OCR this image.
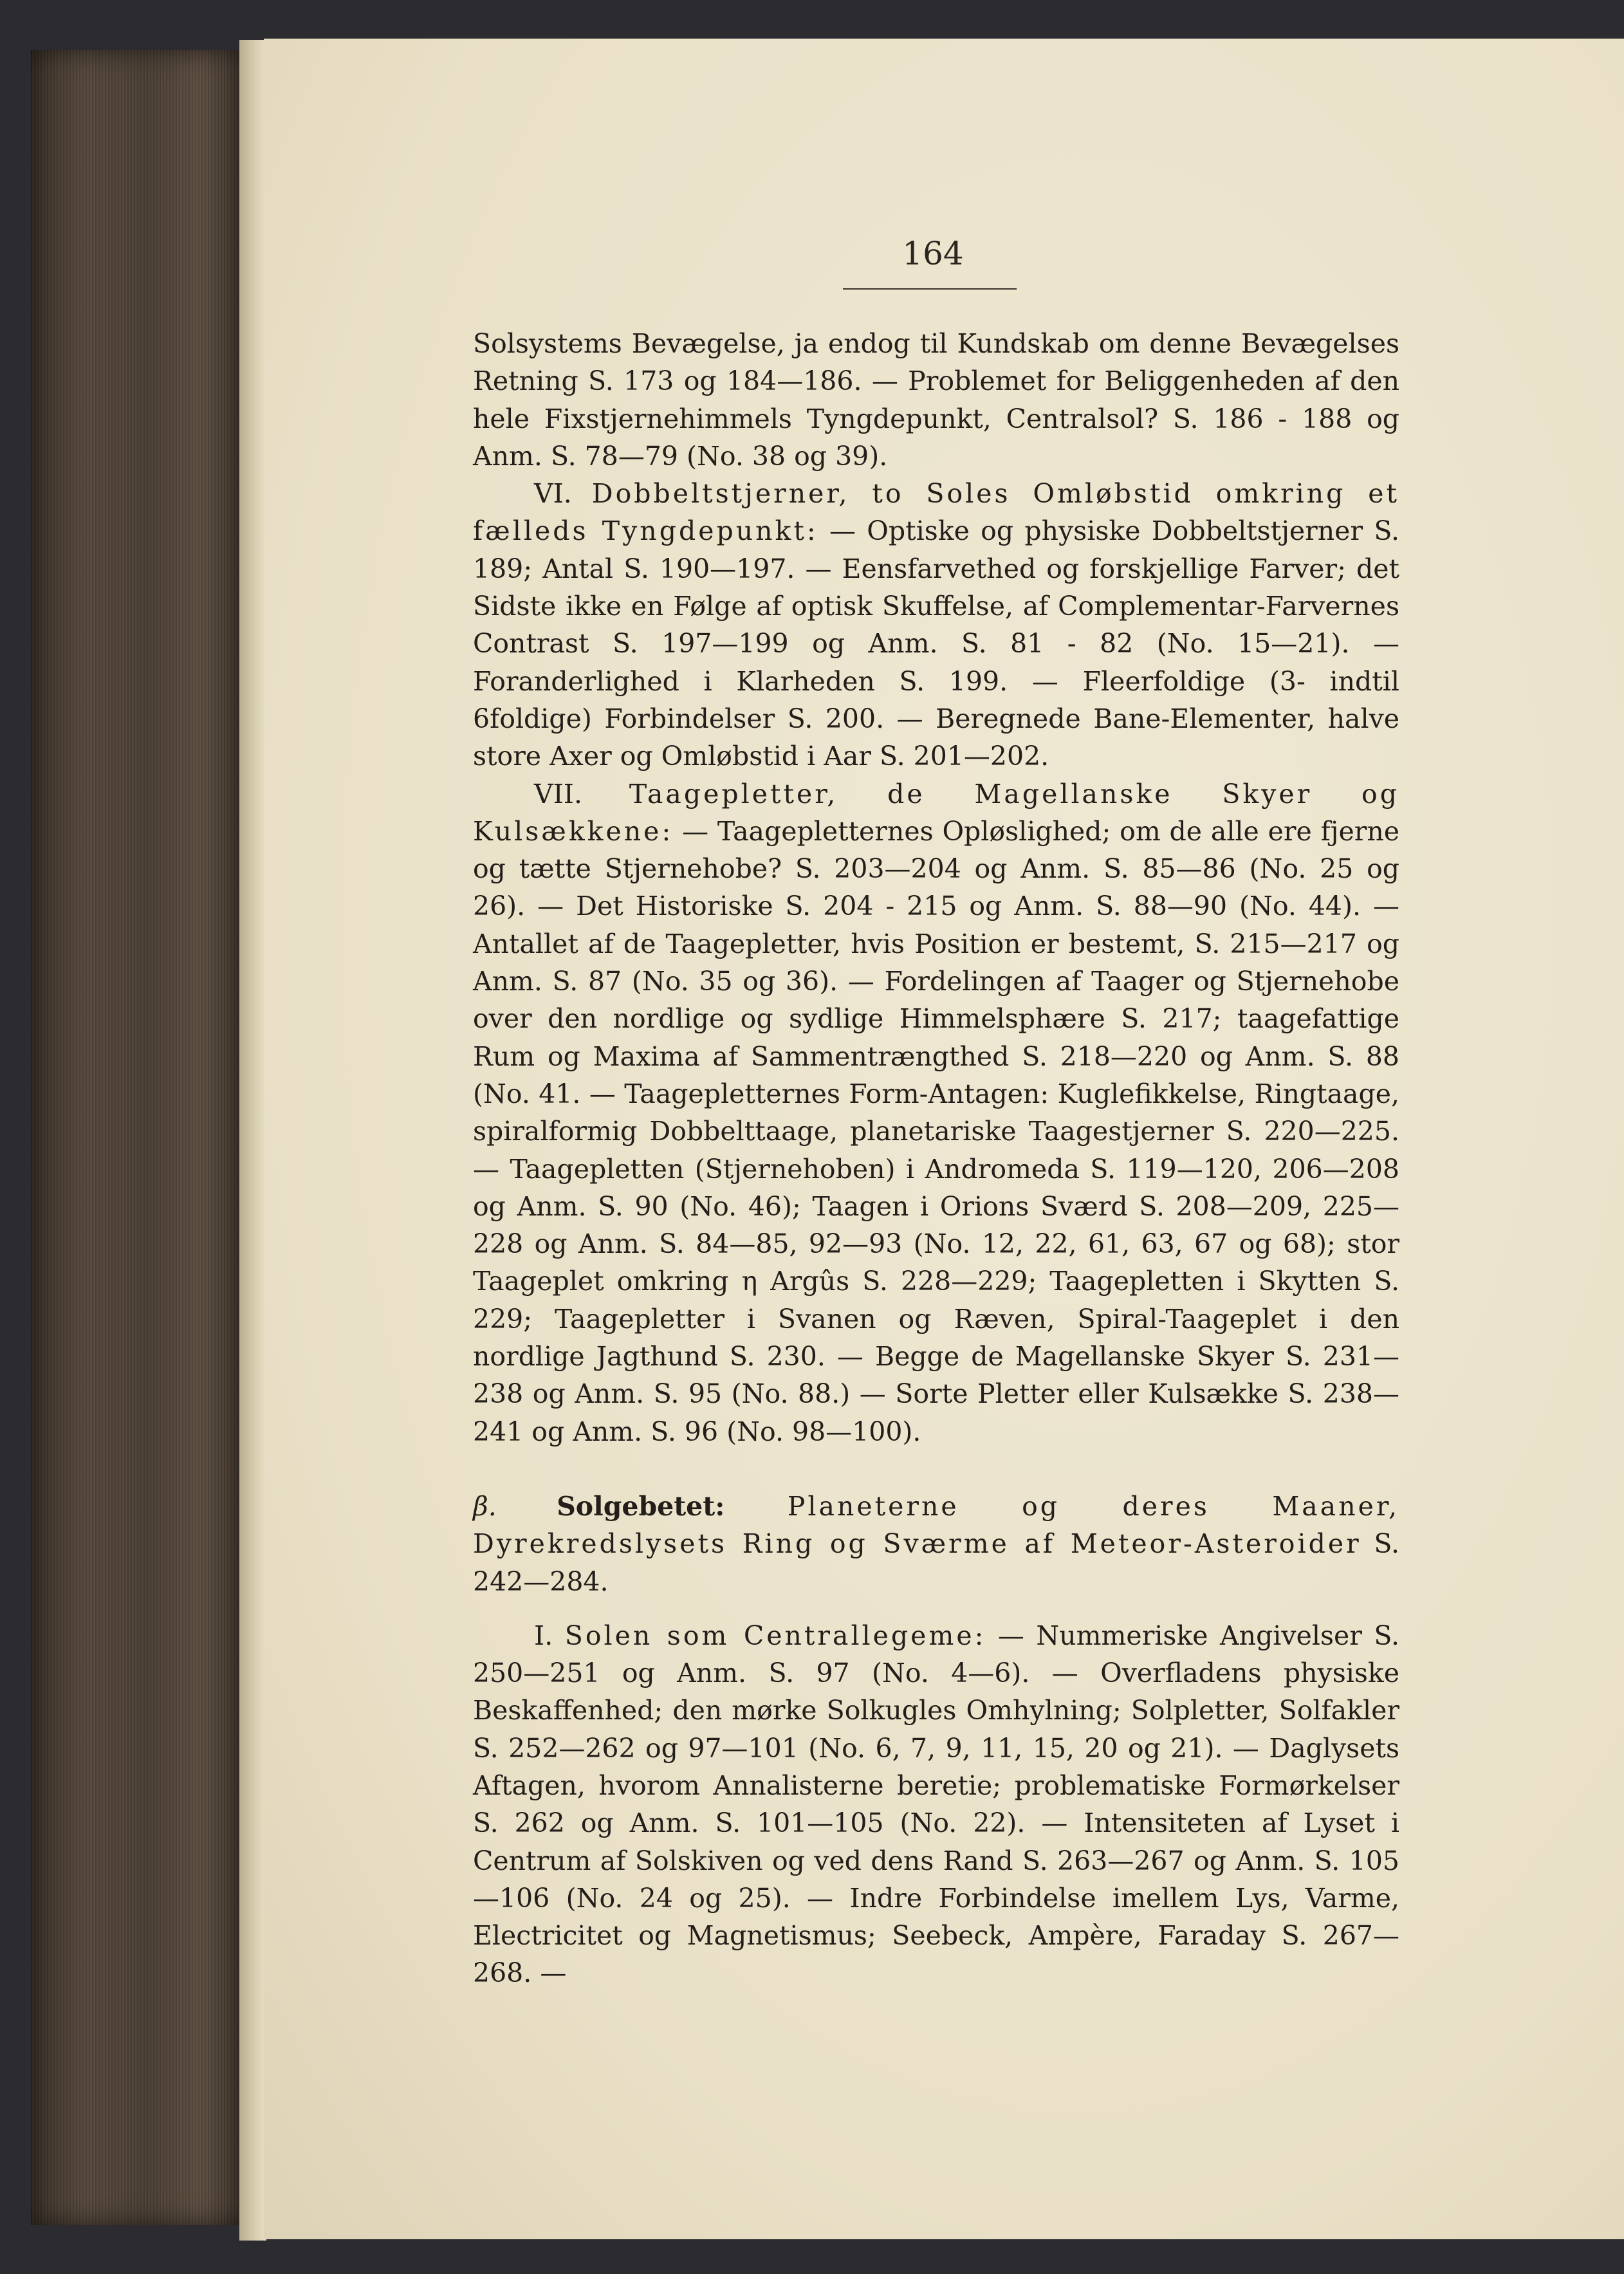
164

Solsystems Bevægelse, ja endog til Kundskab om denne Bevægelses Retning S. 173 og 184—186. — Problemet for Beliggenheden af den hele Fixstjernehimmels Tyngdepunkt, Centralsol? S. 186 - 188 og Anm. S. 78—79 (No. 38 og 39).

VI. Dobbeltstjerner, to Soles Omløbstid omkring et fælleds Tyngdepunkt: — Optiske og physiske Dobbeltstjerner S. 189; Antal S. 190—197. — Eensfarvethed og forskjellige Farver; det Sidste ikke en Følge af optisk Skuffelse, af Complementar-Farvernes Contrast S. 197—199 og Anm. S. 81 - 82 (No. 15—21). — Foranderlighed i Klarheden S. 199. — Fleerfoldige (3- indtil 6foldige) Forbindelser S. 200. — Beregnede Bane-Elementer, halve store Axer og Omløbstid i Aar S. 201—202.

VII. Taagepletter, de Magellanske Skyer og Kulsækkene: — Taagepletternes Opløslighed; om de alle ere fjerne og tætte Stjernehobe? S. 203—204 og Anm. S. 85—86 (No. 25 og 26). — Det Historiske S. 204 - 215 og Anm. S. 88—90 (No. 44). — Antallet af de Taagepletter, hvis Position er bestemt, S. 215—217 og Anm. S. 87 (No. 35 og 36). — Fordelingen af Taager og Stjernehobe over den nordlige og sydlige Himmelsphære S. 217; taagefattige Rum og Maxima af Sammentrængthed S. 218—220 og Anm. S. 88 (No. 41. — Taagepletternes Form-Antagen: Kuglefikkelse, Ringtaage, spiralformig Dobbelttaage, planetariske Taagestjerner S. 220—225. — Taagepletten (Stjernehoben) i Andromeda S. 119—120, 206—208 og Anm. S. 90 (No. 46); Taagen i Orions Sværd S. 208—209, 225—228 og Anm. S. 84—85, 92—93 (No. 12, 22, 61, 63, 67 og 68); stor Taageplet omkring η Argûs S. 228—229; Taagepletten i Skytten S. 229; Taagepletter i Svanen og Ræven, Spiral-Taageplet i den nordlige Jagthund S. 230. — Begge de Magellanske Skyer S. 231—238 og Anm. S. 95 (No. 88.) — Sorte Pletter eller Kulsække S. 238—241 og Anm. S. 96 (No. 98—100).

β. Solgebetet: Planeterne og deres Maaner, Dyrekredslysets Ring og Sværme af Meteor-Asteroider S. 242—284.

I. Solen som Centrallegeme: — Nummeriske Angivelser S. 250—251 og Anm. S. 97 (No. 4—6). — Overfladens physiske Beskaffenhed; den mørke Solkugles Omhylning; Solpletter, Solfakler S. 252—262 og 97—101 (No. 6, 7, 9, 11, 15, 20 og 21). — Daglysets Aftagen, hvorom Annalisterne beretie; problematiske Formørkelser S. 262 og Anm. S. 101—105 (No. 22). — Intensiteten af Lyset i Centrum af Solskiven og ved dens Rand S. 263—267 og Anm. S. 105—106 (No. 24 og 25). — Indre Forbindelse imellem Lys, Varme, Electricitet og Magnetismus; Seebeck, Ampère, Faraday S. 267—268. —
